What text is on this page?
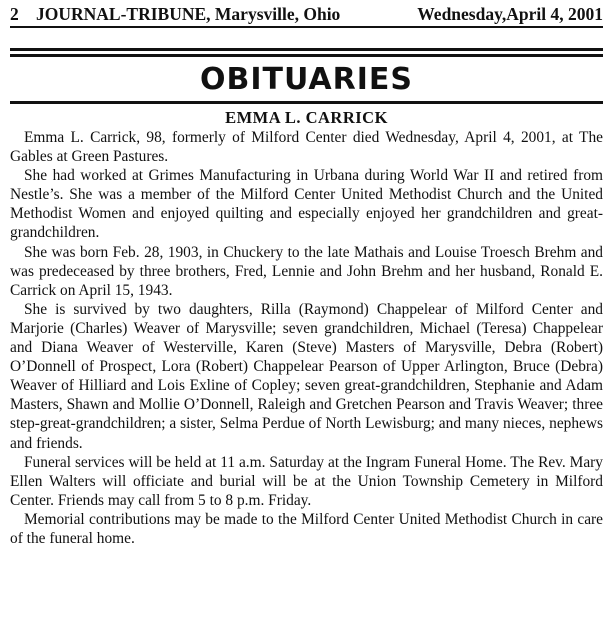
2 JOURNAL-TRIBUNE, Marysville, Ohio	Wednesday,April 4, 2001
OBITUARIES
EMMA L. CARRICK

Emma L. Carrick, 98, formerly of Milford Center died Wednesday, April 4, 2001, at The Gables at Green Pastures.

She had worked at Grimes Manufacturing in Urbana during World War II and retired from Nestle’s. She was a member of the Milford Center United Methodist Church and the United Methodist Women and enjoyed quilting and especially enjoyed her grandchildren and great-grandchildren.

She was born Feb. 28, 1903, in Chuckery to the late Mathais and Louise Troesch Brehm and was predeceased by three brothers, Fred, Lennie and John Brehm and her husband, Ronald E. Carrick on April 15, 1943.

She is survived by two daughters, Rilla (Raymond) Chappelear of Milford Center and Marjorie (Charles) Weaver of Marysville; seven grandchildren, Michael (Teresa) Chappelear and Diana Weaver of Westerville, Karen (Steve) Masters of Marysville, Debra (Robert) O’Donnell of Prospect, Lora (Robert) Chappelear Pearson of Upper Arlington, Bruce (Debra) Weaver of Hilliard and Lois Exline of Copley; seven great-grandchildren, Stephanie and Adam Masters, Shawn and Mollie O’Donnell, Raleigh and Gretchen Pearson and Travis Weaver; three step-great-grandchildren; a sister, Selma Perdue of North Lewisburg; and many nieces, nephews and friends.

Funeral services will be held at 11 a.m. Saturday at the Ingram Funeral Home. The Rev. Mary Ellen Walters will officiate and burial will be at the Union Township Cemetery in Milford Center. Friends may call from 5 to 8 p.m. Friday.

Memorial contributions may be made to the Milford Center United Methodist Church in care of the funeral home.
